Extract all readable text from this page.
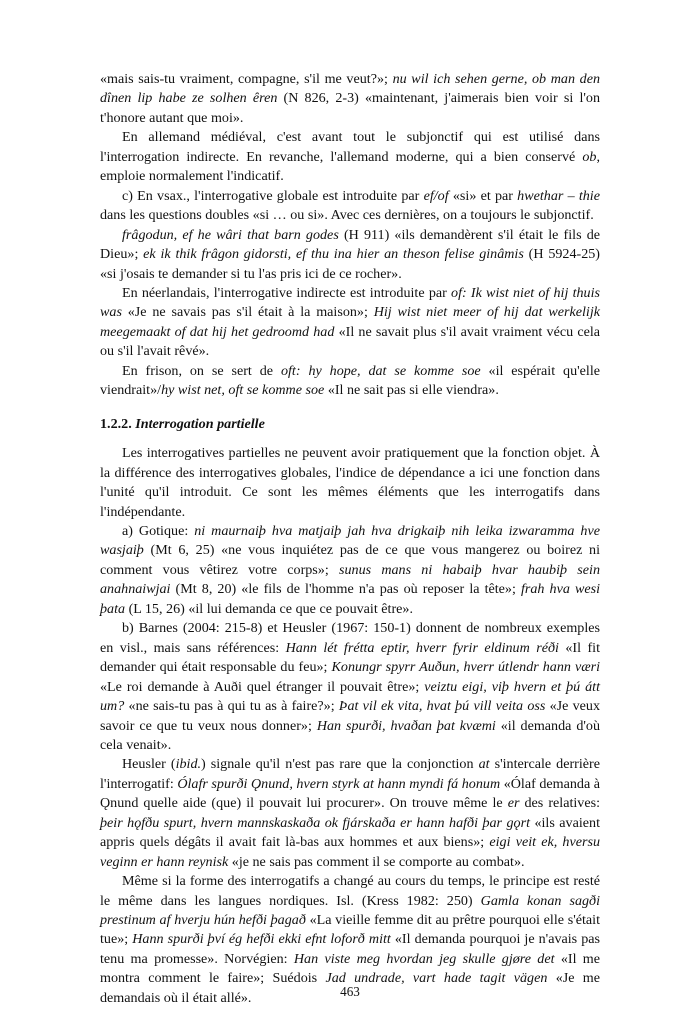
«mais sais-tu vraiment, compagne, s'il me veut?»; nu wil ich sehen gerne, ob man den dînen lip habe ze solhen êren (N 826, 2-3) «maintenant, j'aimerais bien voir si l'on t'honore autant que moi».

En allemand médiéval, c'est avant tout le subjonctif qui est utilisé dans l'interrogation indirecte. En revanche, l'allemand moderne, qui a bien conservé ob, emploie normalement l'indicatif.

c) En vsax., l'interrogative globale est introduite par ef/of «si» et par hwethar – thie dans les questions doubles «si … ou si». Avec ces dernières, on a toujours le subjonctif.

frâgodun, ef he wâri that barn godes (H 911) «ils demandèrent s'il était le fils de Dieu»; ek ik thik frâgon gidorsti, ef thu ina hier an theson felise ginâmis (H 5924-25) «si j'osais te demander si tu l'as pris ici de ce rocher».

En néerlandais, l'interrogative indirecte est introduite par of: Ik wist niet of hij thuis was «Je ne savais pas s'il était à la maison»; Hij wist niet meer of hij dat werkelijk meegemaakt of dat hij het gedroomd had «Il ne savait plus s'il avait vraiment vécu cela ou s'il l'avait rêvé».

En frison, on se sert de oft: hy hope, dat se komme soe «il espérait qu'elle viendrait»/hy wist net, oft se komme soe «Il ne sait pas si elle viendra».

1.2.2. Interrogation partielle

Les interrogatives partielles ne peuvent avoir pratiquement que la fonction objet. À la différence des interrogatives globales, l'indice de dépendance a ici une fonction dans l'unité qu'il introduit. Ce sont les mêmes éléments que les interrogatifs dans l'indépendante.

a) Gotique: ni maurnaiþ hva matjaiþ jah hva drigkaiþ nih leika izwaramma hve wasjaiþ (Mt 6, 25) «ne vous inquiétez pas de ce que vous mangerez ou boirez ni comment vous vêtirez votre corps»; sunus mans ni habaiþ hvar haubiþ sein anahnaiwjai (Mt 8, 20) «le fils de l'homme n'a pas où reposer la tête»; frah hva wesi þata (L 15, 26) «il lui demanda ce que ce pouvait être».

b) Barnes (2004: 215-8) et Heusler (1967: 150-1) donnent de nombreux exemples en visl., mais sans références: Hann lét frétta eptir, hverr fyrir eldinum réði «Il fit demander qui était responsable du feu»; Konungr spyrr Auðun, hverr útlendr hann væri «Le roi demande à Auði quel étranger il pouvait être»; veiztu eigi, viþ hvern et þú átt um? «ne sais-tu pas à qui tu as à faire?»; Þat vil ek vita, hvat þú vill veita oss «Je veux savoir ce que tu veux nous donner»; Han spurði, hvaðan þat kvæmi «il demanda d'où cela venait».

Heusler (ibid.) signale qu'il n'est pas rare que la conjonction at s'intercale derrière l'interrogatif: Ólafr spurði Ǫnund, hvern styrk at hann myndi fá honum «Ólaf demanda à Ǫnund quelle aide (que) il pouvait lui procurer». On trouve même le er des relatives: þeir hǫfðu spurt, hvern mannskaskaða ok fjárskaða er hann hafði þar gǫrt «ils avaient appris quels dégâts il avait fait là-bas aux hommes et aux biens»; eigi veit ek, hversu veginn er hann reynisk «je ne sais pas comment il se comporte au combat».

Même si la forme des interrogatifs a changé au cours du temps, le principe est resté le même dans les langues nordiques. Isl. (Kress 1982: 250) Gamla konan sagði prestinum af hverju hún hefði þagað «La vieille femme dit au prêtre pourquoi elle s'était tue»; Hann spurði því ég hefði ekki efnt loforð mitt «Il demanda pourquoi je n'avais pas tenu ma promesse». Norvégien: Han viste meg hvordan jeg skulle gjøre det «Il me montra comment le faire»; Suédois Jad undrade, vart hade tagit vägen «Je me demandais où il était allé».	463
